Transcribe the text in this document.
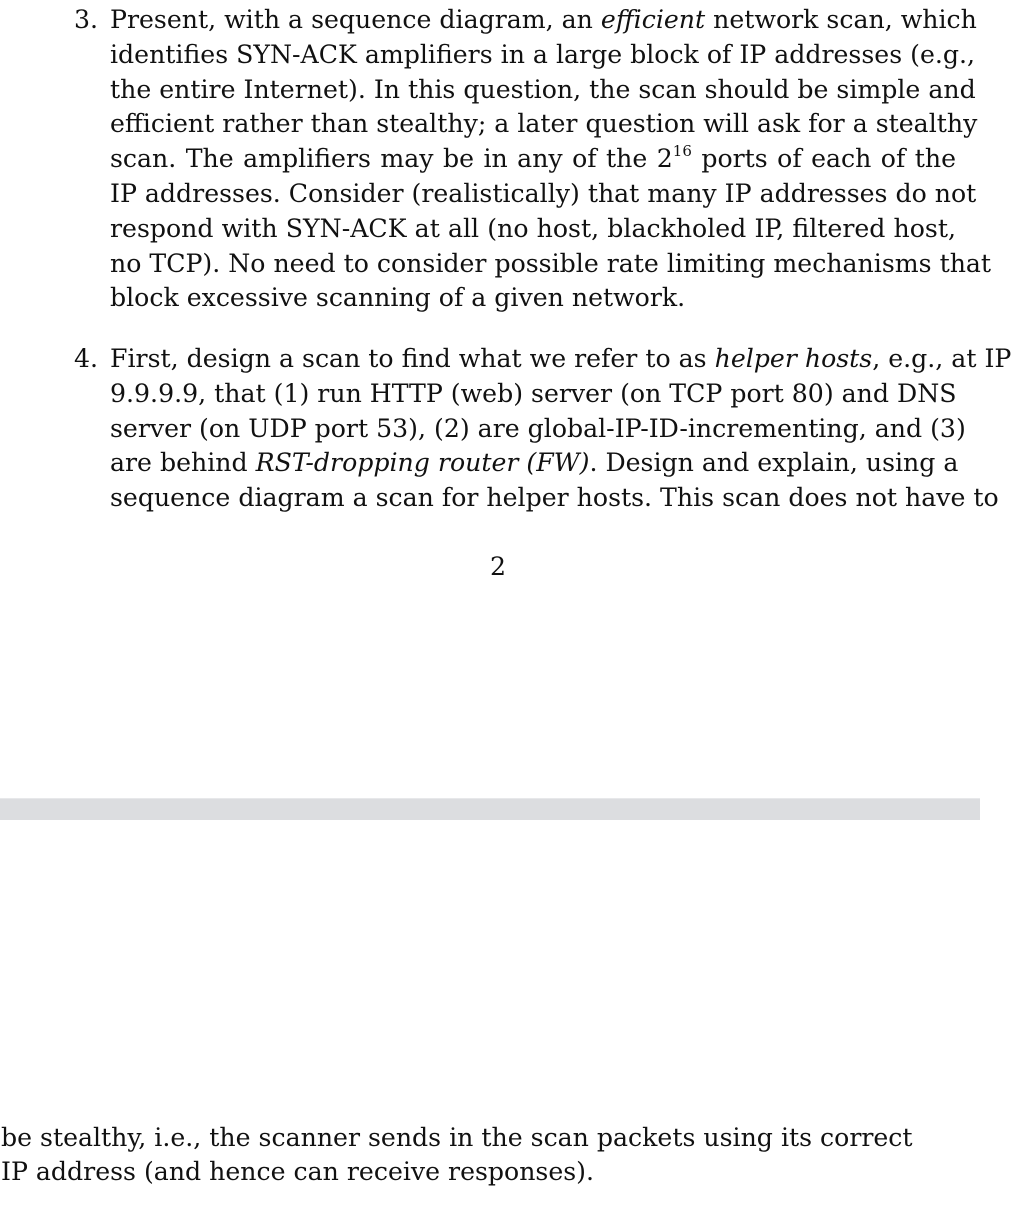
3. Present, with a sequence diagram, an efficient network scan, which
identifies SYN-ACK amplifiers in a large block of IP addresses (e.g.,
the entire Internet). In this question, the scan should be simple and
efficient rather than stealthy; a later question will ask for a stealthy
scan. The amplifiers may be in any of the $2^{16}$ ports of each of the
IP addresses. Consider (realistically) that many IP addresses do not
respond with SYN-ACK at all (no host, blackholed IP, filtered host,
no TCP). No need to consider possible rate limiting mechanisms that
block excessive scanning of a given network.
4. First, design a scan to find what we refer to as helper hosts, e.g., at IP
9.9.9.9, that (1) run HTTP (web) server (on TCP port 80) and DNS
server (on UDP port 53), (2) are global-IP-ID-incrementing, and (3)
are behind RST-dropping router (FW). Design and explain, using a
sequence diagram a scan for helper hosts. This scan does not have to
2
be stealthy, i.e., the scanner sends in the scan packets using its correct
IP address (and hence can receive responses).
